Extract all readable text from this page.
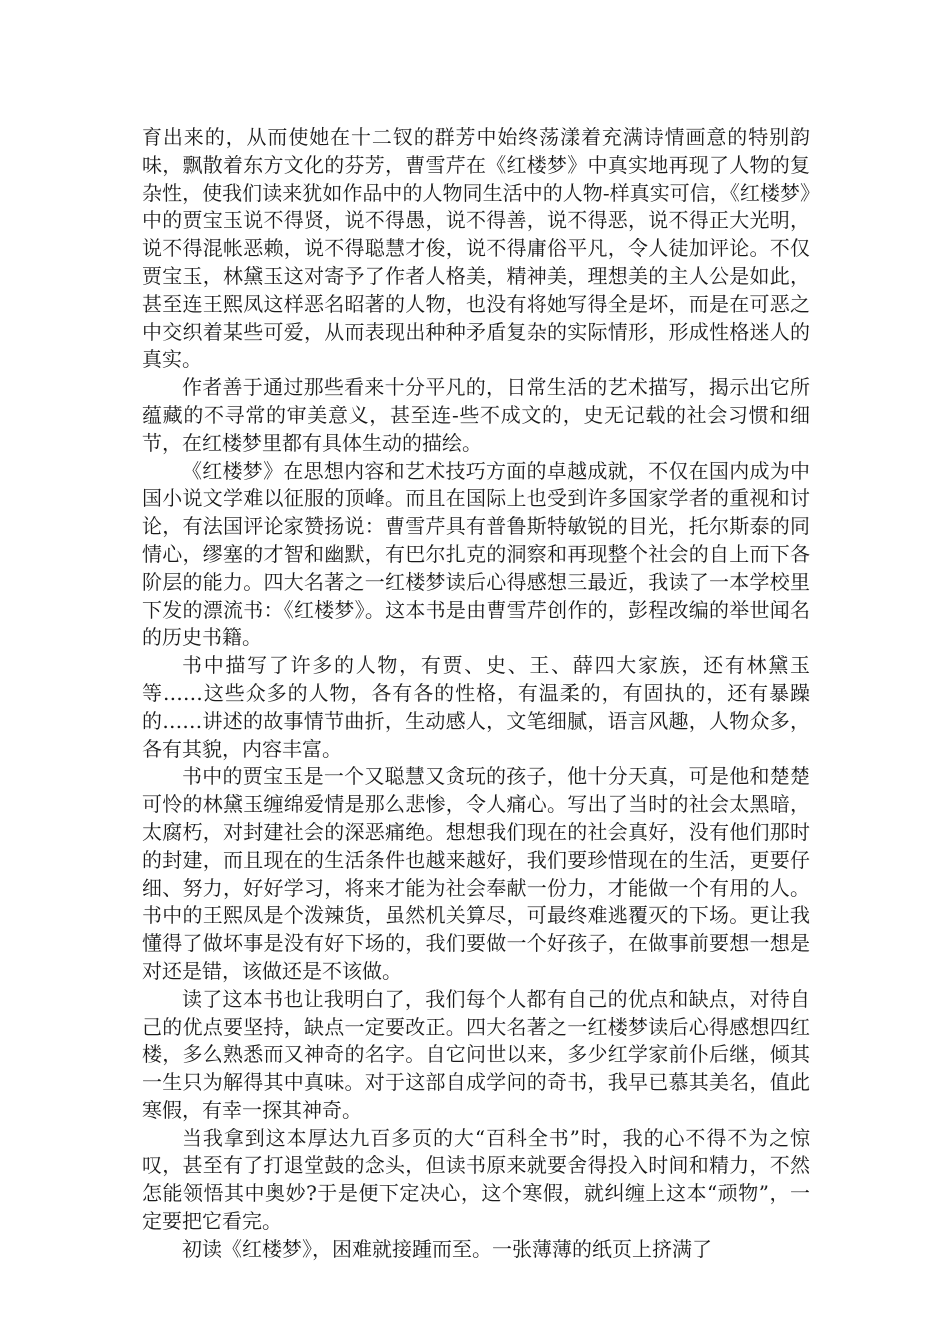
育出来的，从而使她在十二钗的群芳中始终荡漾着充满诗情画意的特别韵味，飘散着东方文化的芬芳，曹雪芹在《红楼梦》中真实地再现了人物的复杂性，使我们读来犹如作品中的人物同生活中的人物-样真实可信，《红楼梦》中的贾宝玉说不得贤，说不得愚，说不得善，说不得恶，说不得正大光明，说不得混帐恶赖，说不得聪慧才俊，说不得庸俗平凡，令人徒加评论。不仅贾宝玉，林黛玉这对寄予了作者人格美，精神美，理想美的主人公是如此，甚至连王熙凤这样恶名昭著的人物，也没有将她写得全是坏，而是在可恶之中交织着某些可爱，从而表现出种种矛盾复杂的实际情形，形成性格迷人的真实。

作者善于通过那些看来十分平凡的，日常生活的艺术描写，揭示出它所蕴藏的不寻常的审美意义，甚至连-些不成文的，史无记载的社会习惯和细节，在红楼梦里都有具体生动的描绘。

《红楼梦》在思想内容和艺术技巧方面的卓越成就，不仅在国内成为中国小说文学难以征服的顶峰。而且在国际上也受到许多国家学者的重视和讨论，有法国评论家赞扬说：曹雪芹具有普鲁斯特敏锐的目光，托尔斯泰的同情心，缪塞的才智和幽默，有巴尔扎克的洞察和再现整个社会的自上而下各阶层的能力。四大名著之一红楼梦读后心得感想三最近，我读了一本学校里下发的漂流书：《红楼梦》。这本书是由曹雪芹创作的，彭程改编的举世闻名的历史书籍。

书中描写了许多的人物，有贾、史、王、薛四大家族，还有林黛玉等……这些众多的人物，各有各的性格，有温柔的，有固执的，还有暴躁的……讲述的故事情节曲折，生动感人，文笔细腻，语言风趣，人物众多，各有其貌，内容丰富。

书中的贾宝玉是一个又聪慧又贪玩的孩子，他十分天真，可是他和楚楚可怜的林黛玉缠绵爱情是那么悲惨，令人痛心。写出了当时的社会太黑暗，太腐朽，对封建社会的深恶痛绝。想想我们现在的社会真好，没有他们那时的封建，而且现在的生活条件也越来越好，我们要珍惜现在的生活，更要仔细、努力，好好学习，将来才能为社会奉献一份力，才能做一个有用的人。书中的王熙凤是个泼辣货，虽然机关算尽，可最终难逃覆灭的下场。更让我懂得了做坏事是没有好下场的，我们要做一个好孩子，在做事前要想一想是对还是错，该做还是不该做。

读了这本书也让我明白了，我们每个人都有自己的优点和缺点，对待自己的优点要坚持，缺点一定要改正。四大名著之一红楼梦读后心得感想四红楼，多么熟悉而又神奇的名字。自它问世以来，多少红学家前仆后继，倾其一生只为解得其中真味。对于这部自成学问的奇书，我早已慕其美名，值此寒假，有幸一探其神奇。

当我拿到这本厚达九百多页的大“百科全书”时，我的心不得不为之惊叹，甚至有了打退堂鼓的念头，但读书原来就要舍得投入时间和精力，不然怎能领悟其中奥妙?于是便下定决心，这个寒假，就纠缠上这本“顽物”，一定要把它看完。

初读《红楼梦》，困难就接踵而至。一张薄薄的纸页上挤满了
